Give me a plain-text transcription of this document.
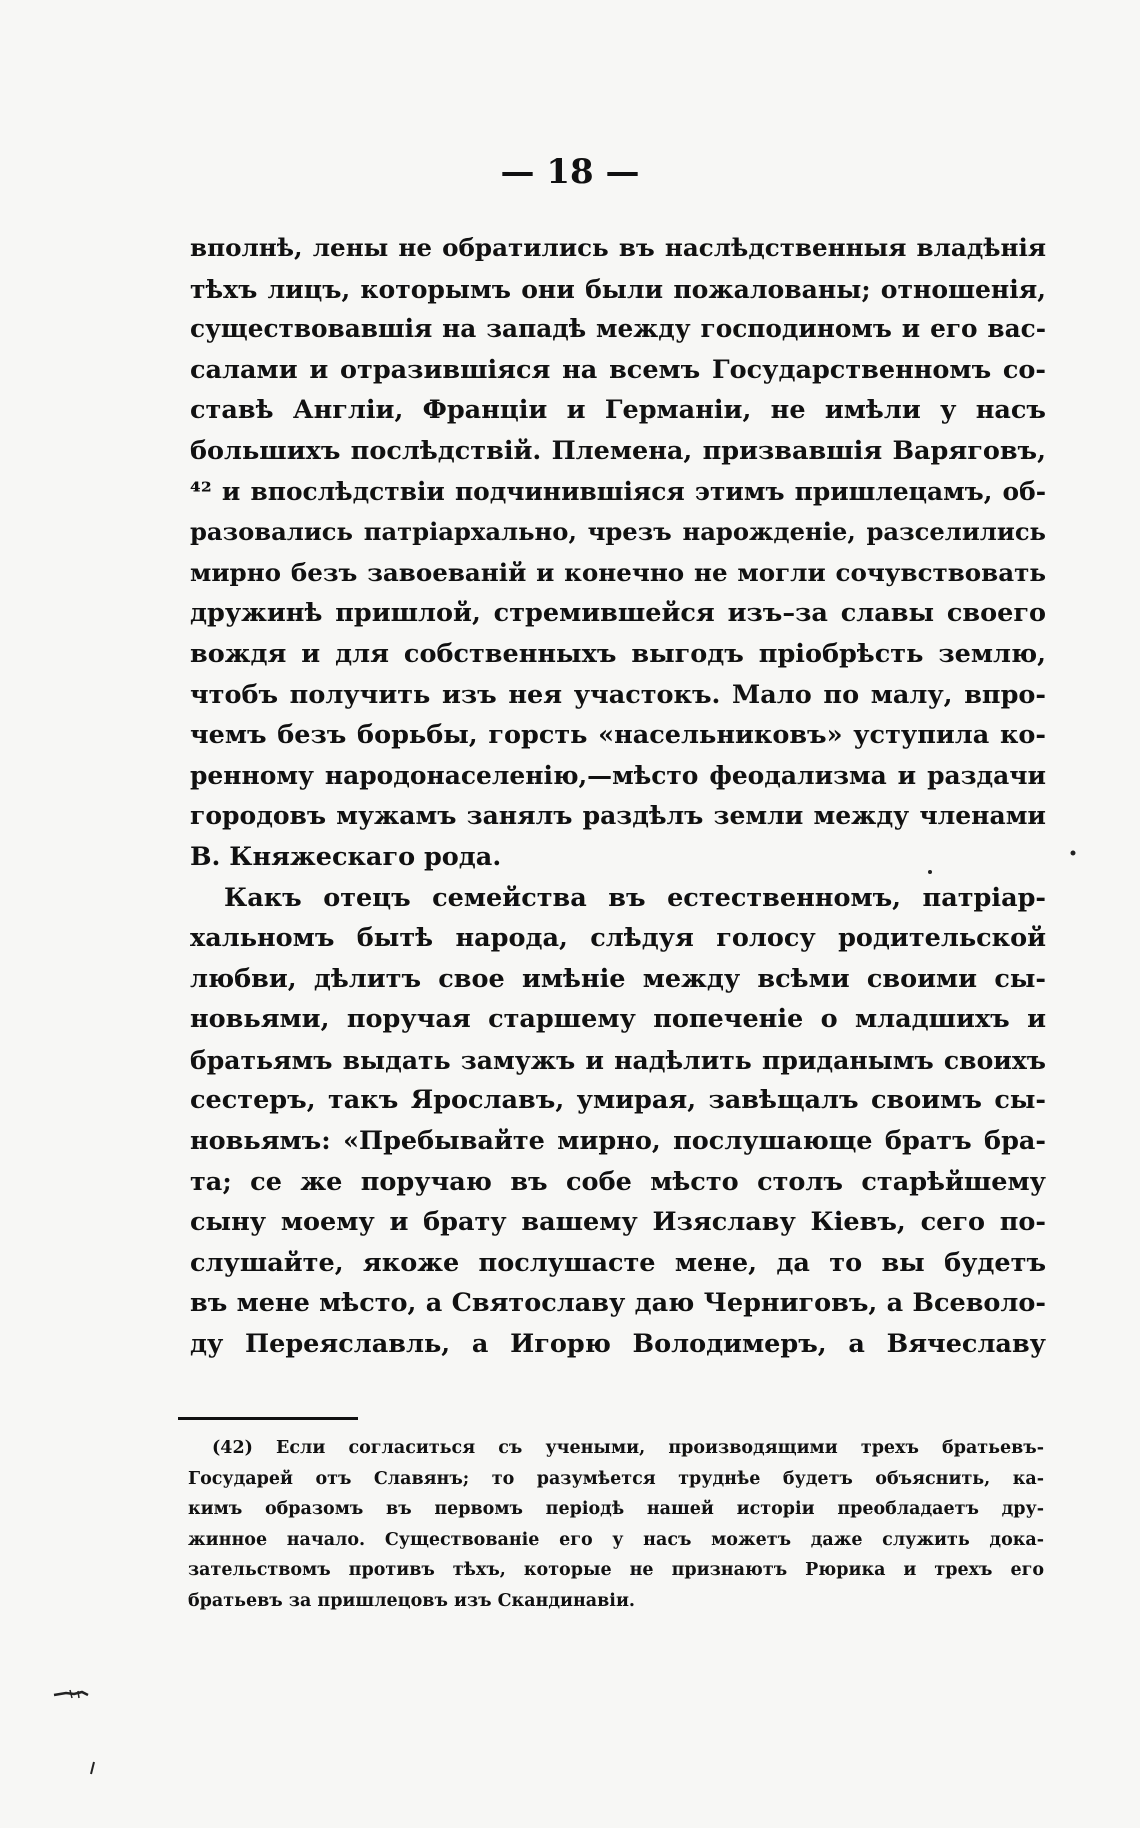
— 18 —
вполнѣ, лены не обратились въ наслѣдственныя владѣнія
тѣхъ лицъ, которымъ они были пожалованы; отношенія,
существовавшія на западѣ между господиномъ и его вас-
салами и отразившіяся на всемъ Государственномъ со-
ставѣ Англіи, Франціи и Германіи, не имѣли у насъ
большихъ послѣдствій. Племена, призвавшія Варяговъ,
⁴² и впослѣдствіи подчинившіяся этимъ пришлецамъ, об-
разовались патріархально, чрезъ нарожденіе, разселились
мирно безъ завоеваній и конечно не могли сочувствовать
дружинѣ пришлой, стремившейся изъ–за славы своего
вождя и для собственныхъ выгодъ пріобрѣсть землю,
чтобъ получить изъ нея участокъ. Мало по малу, впро-
чемъ безъ борьбы, горсть «насельниковъ» уступила ко-
ренному народонаселенію,—мѣсто феодализма и раздачи
городовъ мужамъ занялъ раздѣлъ земли между членами
В. Княжескаго рода.
Какъ отецъ семейства въ естественномъ, патріар-
хальномъ бытѣ народа, слѣдуя голосу родительской
любви, дѣлитъ свое имѣніе между всѣми своими сы-
новьями, поручая старшему попеченіе о младшихъ и
братьямъ выдать замужъ и надѣлить приданымъ своихъ
сестеръ, такъ Ярославъ, умирая, завѣщалъ своимъ сы-
новьямъ: «Пребывайте мирно, послушающе братъ бра-
та; се же поручаю въ собе мѣсто столъ старѣйшему
сыну моему и брату вашему Изяславу Кіевъ, сего по-
слушайте, якоже послушасте мене, да то вы будетъ
въ мене мѣсто, а Святославу даю Черниговъ, а Всеволо-
ду Переяславль, а Игорю Володимеръ, а Вячеславу
(42) Если согласиться съ учеными, производящими трехъ братьевъ-
Государей отъ Славянъ; то разумѣется труднѣе будетъ объяснить, ка-
кимъ образомъ въ первомъ періодѣ нашей исторіи преобладаетъ дру-
жинное начало. Существованіе его у насъ можетъ даже служить дока-
зательствомъ противъ тѣхъ, которые не признаютъ Рюрика и трехъ его
братьевъ за пришлецовъ изъ Скандинавіи.
